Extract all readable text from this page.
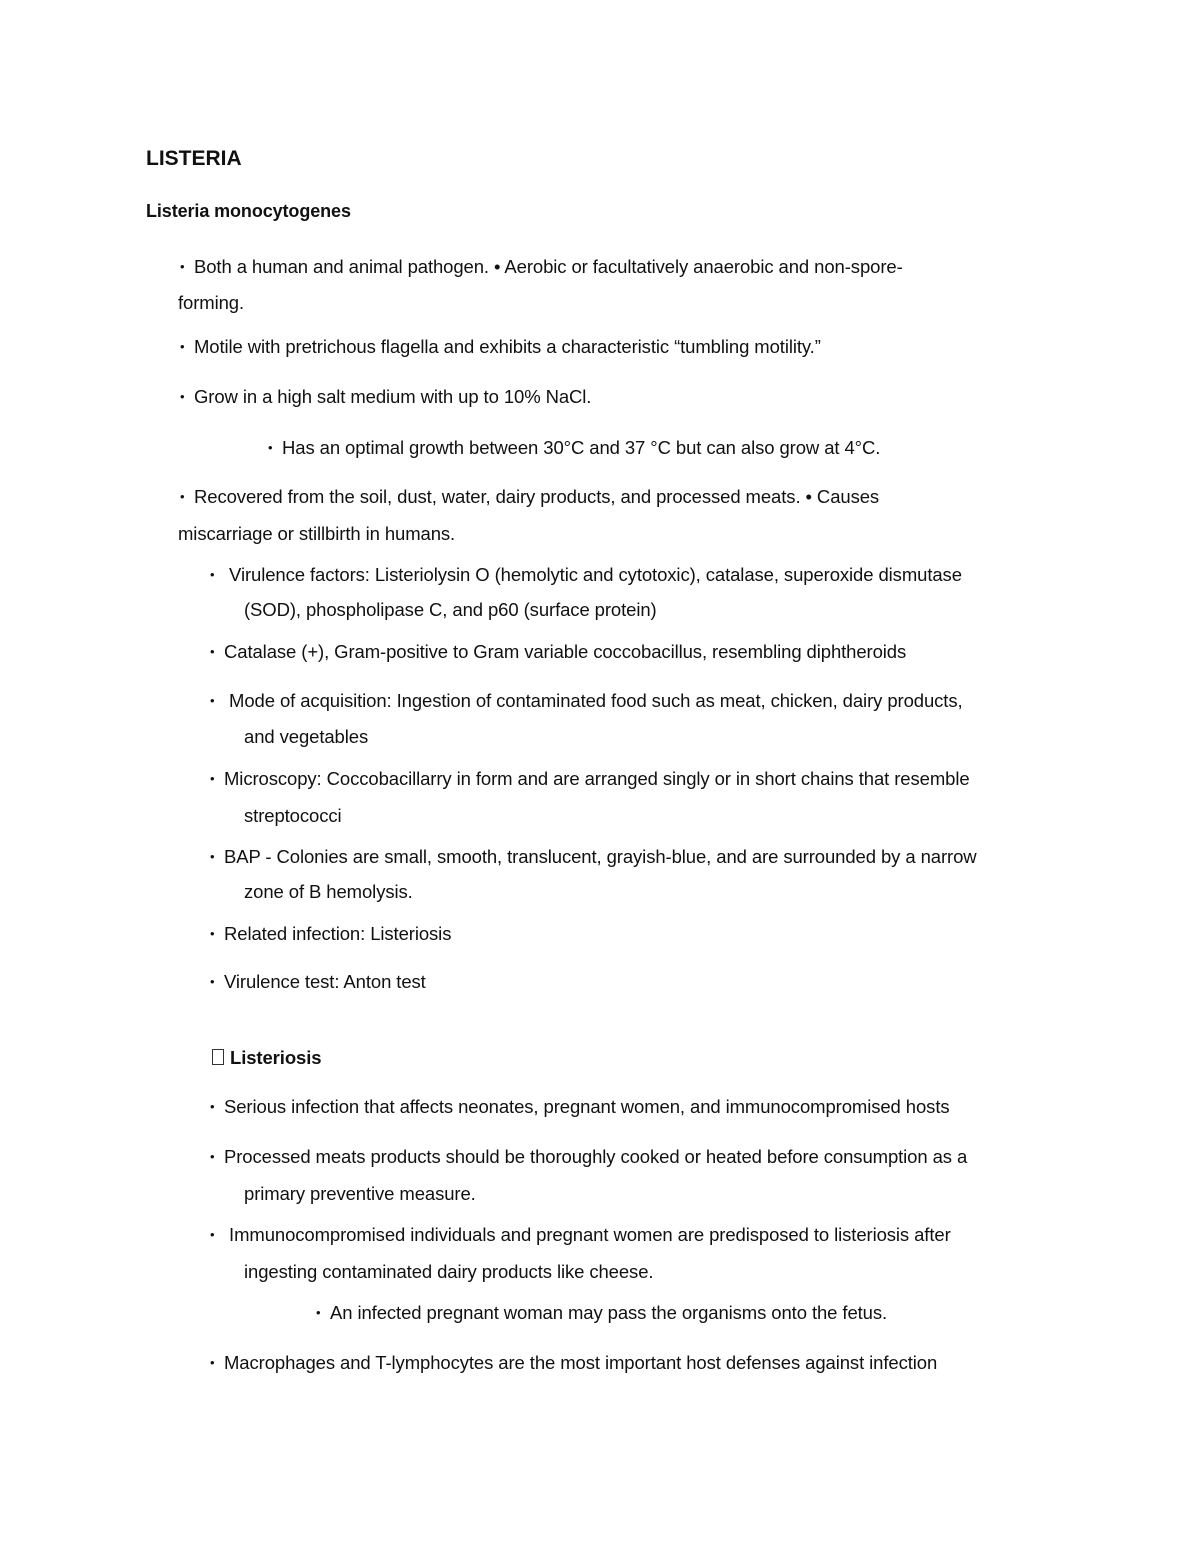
LISTERIA
Listeria monocytogenes
• Both a human and animal pathogen. • Aerobic or facultatively anaerobic and non-spore-
forming.
• Motile with pretrichous flagella and exhibits a characteristic “tumbling motility.”
• Grow in a high salt medium with up to 10% NaCl.
• Has an optimal growth between 30°C and 37 °C but can also grow at 4°C.
• Recovered from the soil, dust, water, dairy products, and processed meats. • Causes
miscarriage or stillbirth in humans.
• Virulence factors: Listeriolysin O (hemolytic and cytotoxic), catalase, superoxide dismutase
(SOD), phospholipase C, and p60 (surface protein)
• Catalase (+), Gram-positive to Gram variable coccobacillus, resembling diphtheroids
• Mode of acquisition: Ingestion of contaminated food such as meat, chicken, dairy products,
and vegetables
• Microscopy: Coccobacillarry in form and are arranged singly or in short chains that resemble
streptococci
• BAP - Colonies are small, smooth, translucent, grayish-blue, and are surrounded by a narrow
zone of B hemolysis.
• Related infection: Listeriosis
• Virulence test: Anton test
Listeriosis
• Serious infection that affects neonates, pregnant women, and immunocompromised hosts
• Processed meats products should be thoroughly cooked or heated before consumption as a
primary preventive measure.
• Immunocompromised individuals and pregnant women are predisposed to listeriosis after
ingesting contaminated dairy products like cheese.
• An infected pregnant woman may pass the organisms onto the fetus.
• Macrophages and T-lymphocytes are the most important host defenses against infection
